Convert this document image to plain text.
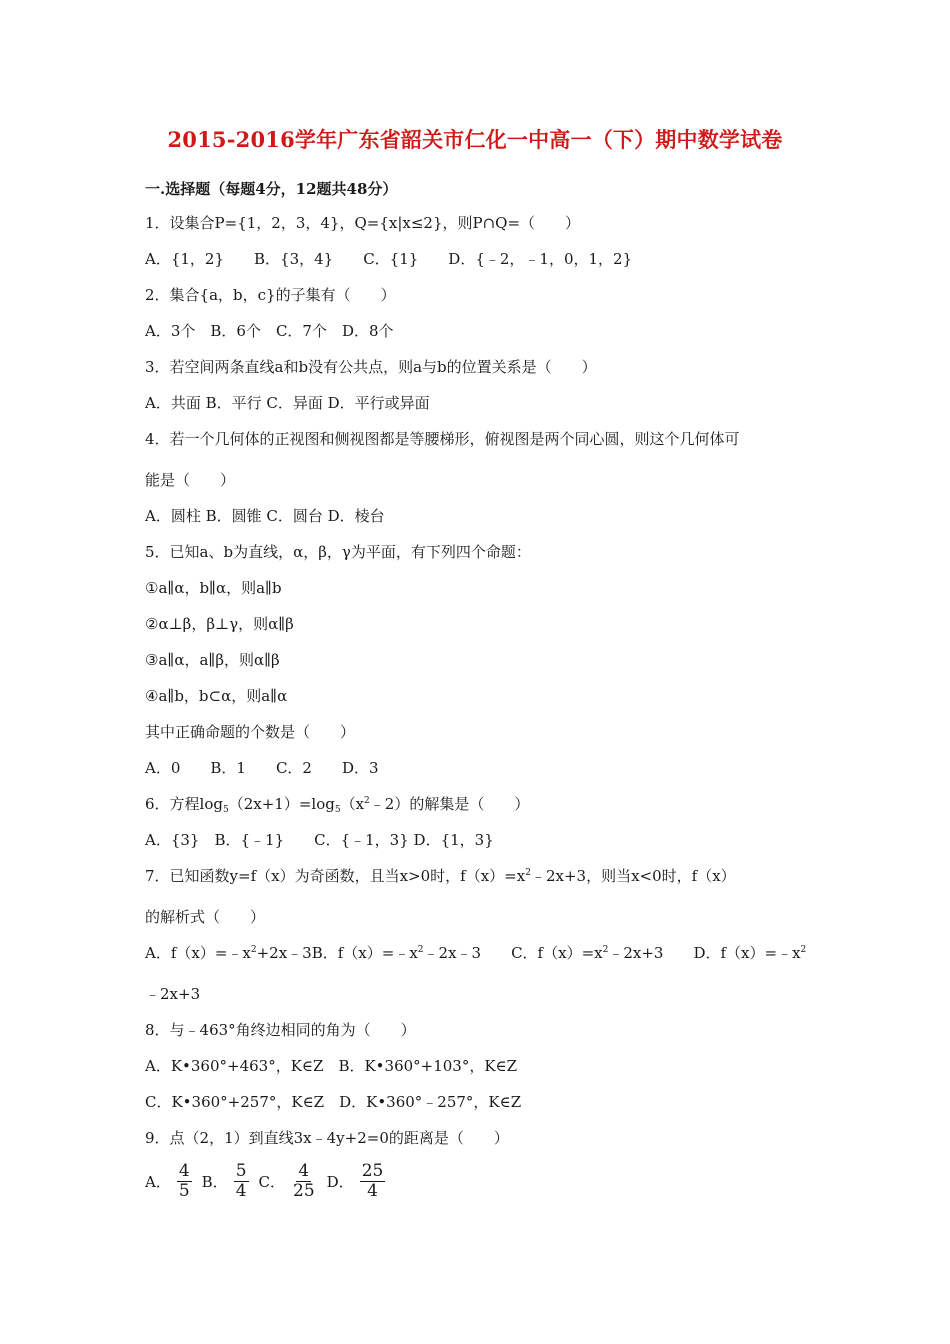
2015-2016学年广东省韶关市仁化一中高一（下）期中数学试卷
一.选择题（每题4分，12题共48分）
1．设集合P={1，2，3，4}，Q={x|x≤2}，则P∩Q=（　　）
A．{1，2}　　B．{3，4}　　C．{1}　　D．{﹣2，﹣1，0，1，2}
2．集合{a，b，c}的子集有（　　）
A．3个　B．6个　C．7个　D．8个
3．若空间两条直线a和b没有公共点，则a与b的位置关系是（　　）
A．共面 B．平行 C．异面 D．平行或异面
4．若一个几何体的正视图和侧视图都是等腰梯形，俯视图是两个同心圆，则这个几何体可
能是（　　）
A．圆柱 B．圆锥 C．圆台 D．棱台
5．已知a、b为直线，α，β，γ为平面，有下列四个命题：
①a∥α，b∥α，则a∥b
②α⊥β，β⊥γ，则α∥β
③a∥α，a∥β，则α∥β
④a∥b，b⊂α，则a∥α
其中正确命题的个数是（　　）
A．0　　B．1　　C．2　　D．3
6．方程$\log_5(2x+1)=\log_5(x^2﹣2)$的解集是（　　）
A．{3}　B．{﹣1}　　C．{﹣1，3} D．{1，3}
7．已知函数y=f（x）为奇函数，且当x>0时，$f(x)=x^2﹣2x+3$，则当x<0时，f（x）
的解析式（　　）
A．$f(x)=﹣x^2+2x﹣3B$．$f(x)=﹣x^2﹣2x﹣3$　　C．$f(x)=x^2﹣2x+3$　　D．$f(x)=﹣x^2$
﹣2x+3
8．与﹣463°角终边相同的角为（　　）
A．K•360°+463°，K∈Z　B．K•360°+103°，K∈Z
C．K•360°+257°，K∈Z　D．K•360°﹣257°，K∈Z
9．点（2，1）到直线3x﹣4y+2=0的距离是（　　）
A． $\frac{4}{5}$ B． $\frac{5}{4}$ C． $\frac{4}{25}$ D． $\frac{25}{4}$
